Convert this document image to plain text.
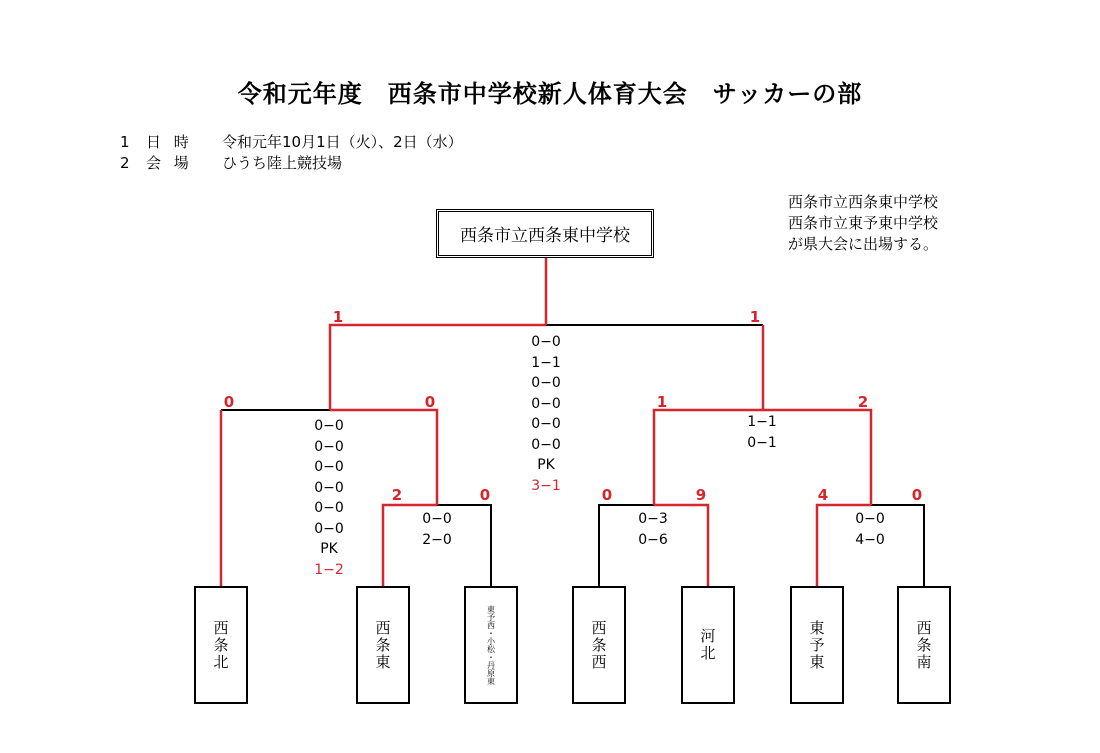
令和元年度　西条市中学校新人体育大会　サッカーの部
1 日 時 令和元年10月1日（火）、2日（水）
2 会 場 ひうち陸上競技場
西条市立西条東中学校
西条市立東予東中学校
が県大会に出場する。
西条市立西条東中学校
1	1
0	0	1	2
2	0	0	9	4	0
0−0
1−1
0−0
0−0
0−0
0−0
PK
3−1
0−0
0−0
0−0
0−0
0−0
0−0
PK
1−2
1−1
0−1
0−0
2−0
0−3
0−6
0−0
4−0
西条北	西条東	東予西・小松・丹原東	西条西	河北	東予東	西条南
